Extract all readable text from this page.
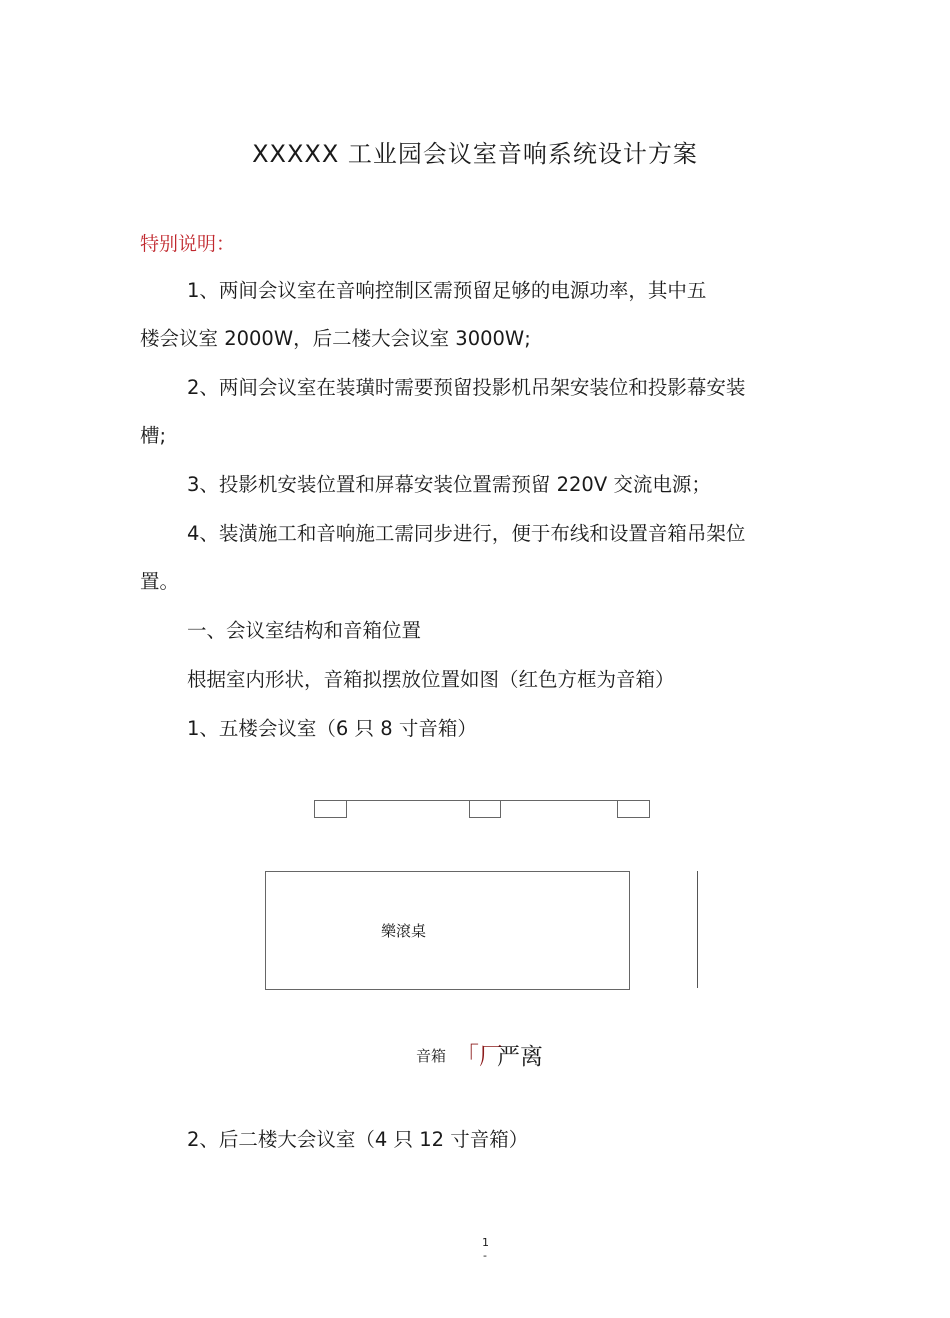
XXXXX 工业园会议室音响系统设计方案
特别说明：
1、两间会议室在音响控制区需预留足够的电源功率，其中五
楼会议室 2000W，后二楼大会议室 3000W;
2、两间会议室在装璜时需要预留投影机吊架安装位和投影幕安装
槽;
3、投影机安装位置和屏幕安装位置需预留 220V 交流电源；
4、装潢施工和音响施工需同步进行，便于布线和设置音箱吊架位
置。
一、会议室结构和音箱位置
根据室内形状，音箱拟摆放位置如图（红色方框为音箱）
1、五楼会议室（6 只 8 寸音箱）
樂滾桌
音箱 「厂
严离
2、后二楼大会议室（4 只 12 寸音箱）
1
-
